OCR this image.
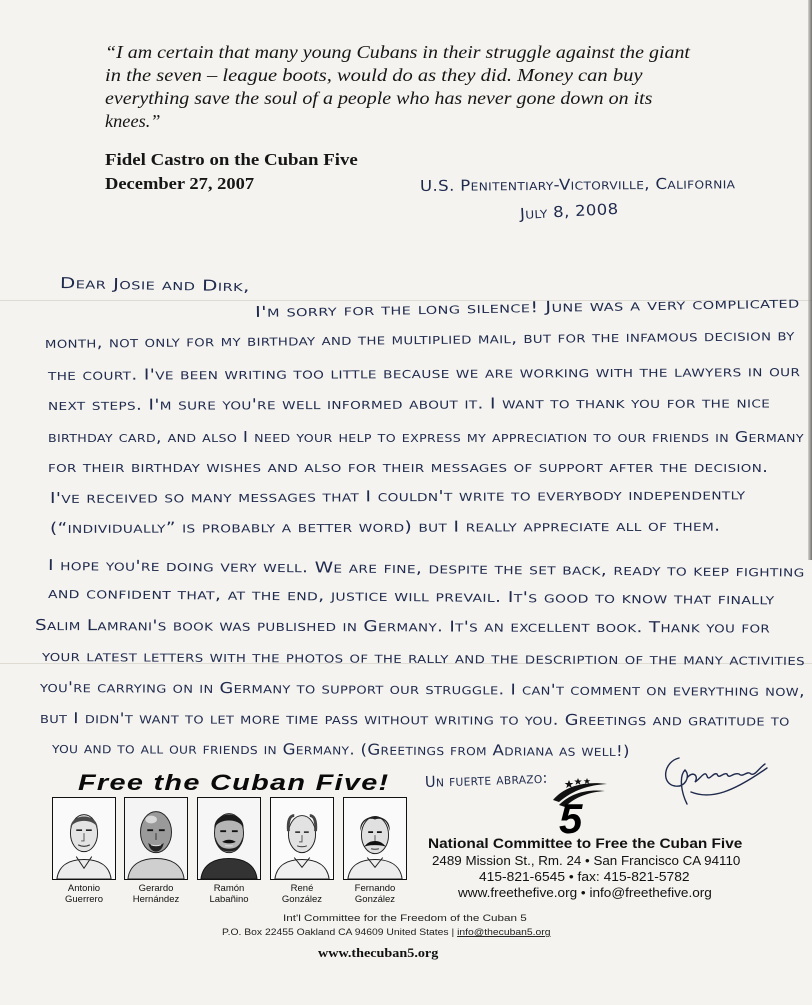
“I am certain that many young Cubans in their struggle against the giant
in the seven – league boots, would do as they did. Money can buy
everything save the soul of a people who has never gone down on its
knees.”
Fidel Castro on the Cuban Five
December 27, 2007	U.S. Penitentiary-Victorville, California
July 8, 2008
Dear Josie and Dirk,
I'm sorry for the long silence! June was a very complicated
month, not only for my birthday and the multiplied mail, but for the infamous decision by
the court. I've been writing too little because we are working with the lawyers in our
next steps. I'm sure you're well informed about it. I want to thank you for the nice
birthday card, and also I need your help to express my appreciation to our friends in Germany
for their birthday wishes and also for their messages of support after the decision.
I've received so many messages that I couldn't write to everybody independently
(“individually” is probably a better word) but I really appreciate all of them.
I hope you're doing very well. We are fine, despite the set back, ready to keep fighting
and confident that, at the end, justice will prevail. It's good to know that finally
Salim Lamrani's book was published in Germany. It's an excellent book. Thank you for
your latest letters with the photos of the rally and the description of the many activities
you're carrying on in Germany to support our struggle. I can't comment on everything now,
but I didn't want to let more time pass without writing to you. Greetings and gratitude to
you and to all our friends in Germany. (Greetings from Adriana as well!)
Un fuerte abrazo:
Free the Cuban Five!
Antonio
Guerrero
Gerardo
Hernández
Ramón
Labañino
René
González
Fernando
González
5
National Committee to Free the Cuban Five
2489 Mission St., Rm. 24 • San Francisco CA 94110
415-821-6545 • fax: 415-821-5782
www.freethefive.org • info@freethefive.org
Int'l Committee for the Freedom of the Cuban 5
P.O. Box 22455 Oakland CA 94609 United States | info@thecuban5.org
www.thecuban5.org
